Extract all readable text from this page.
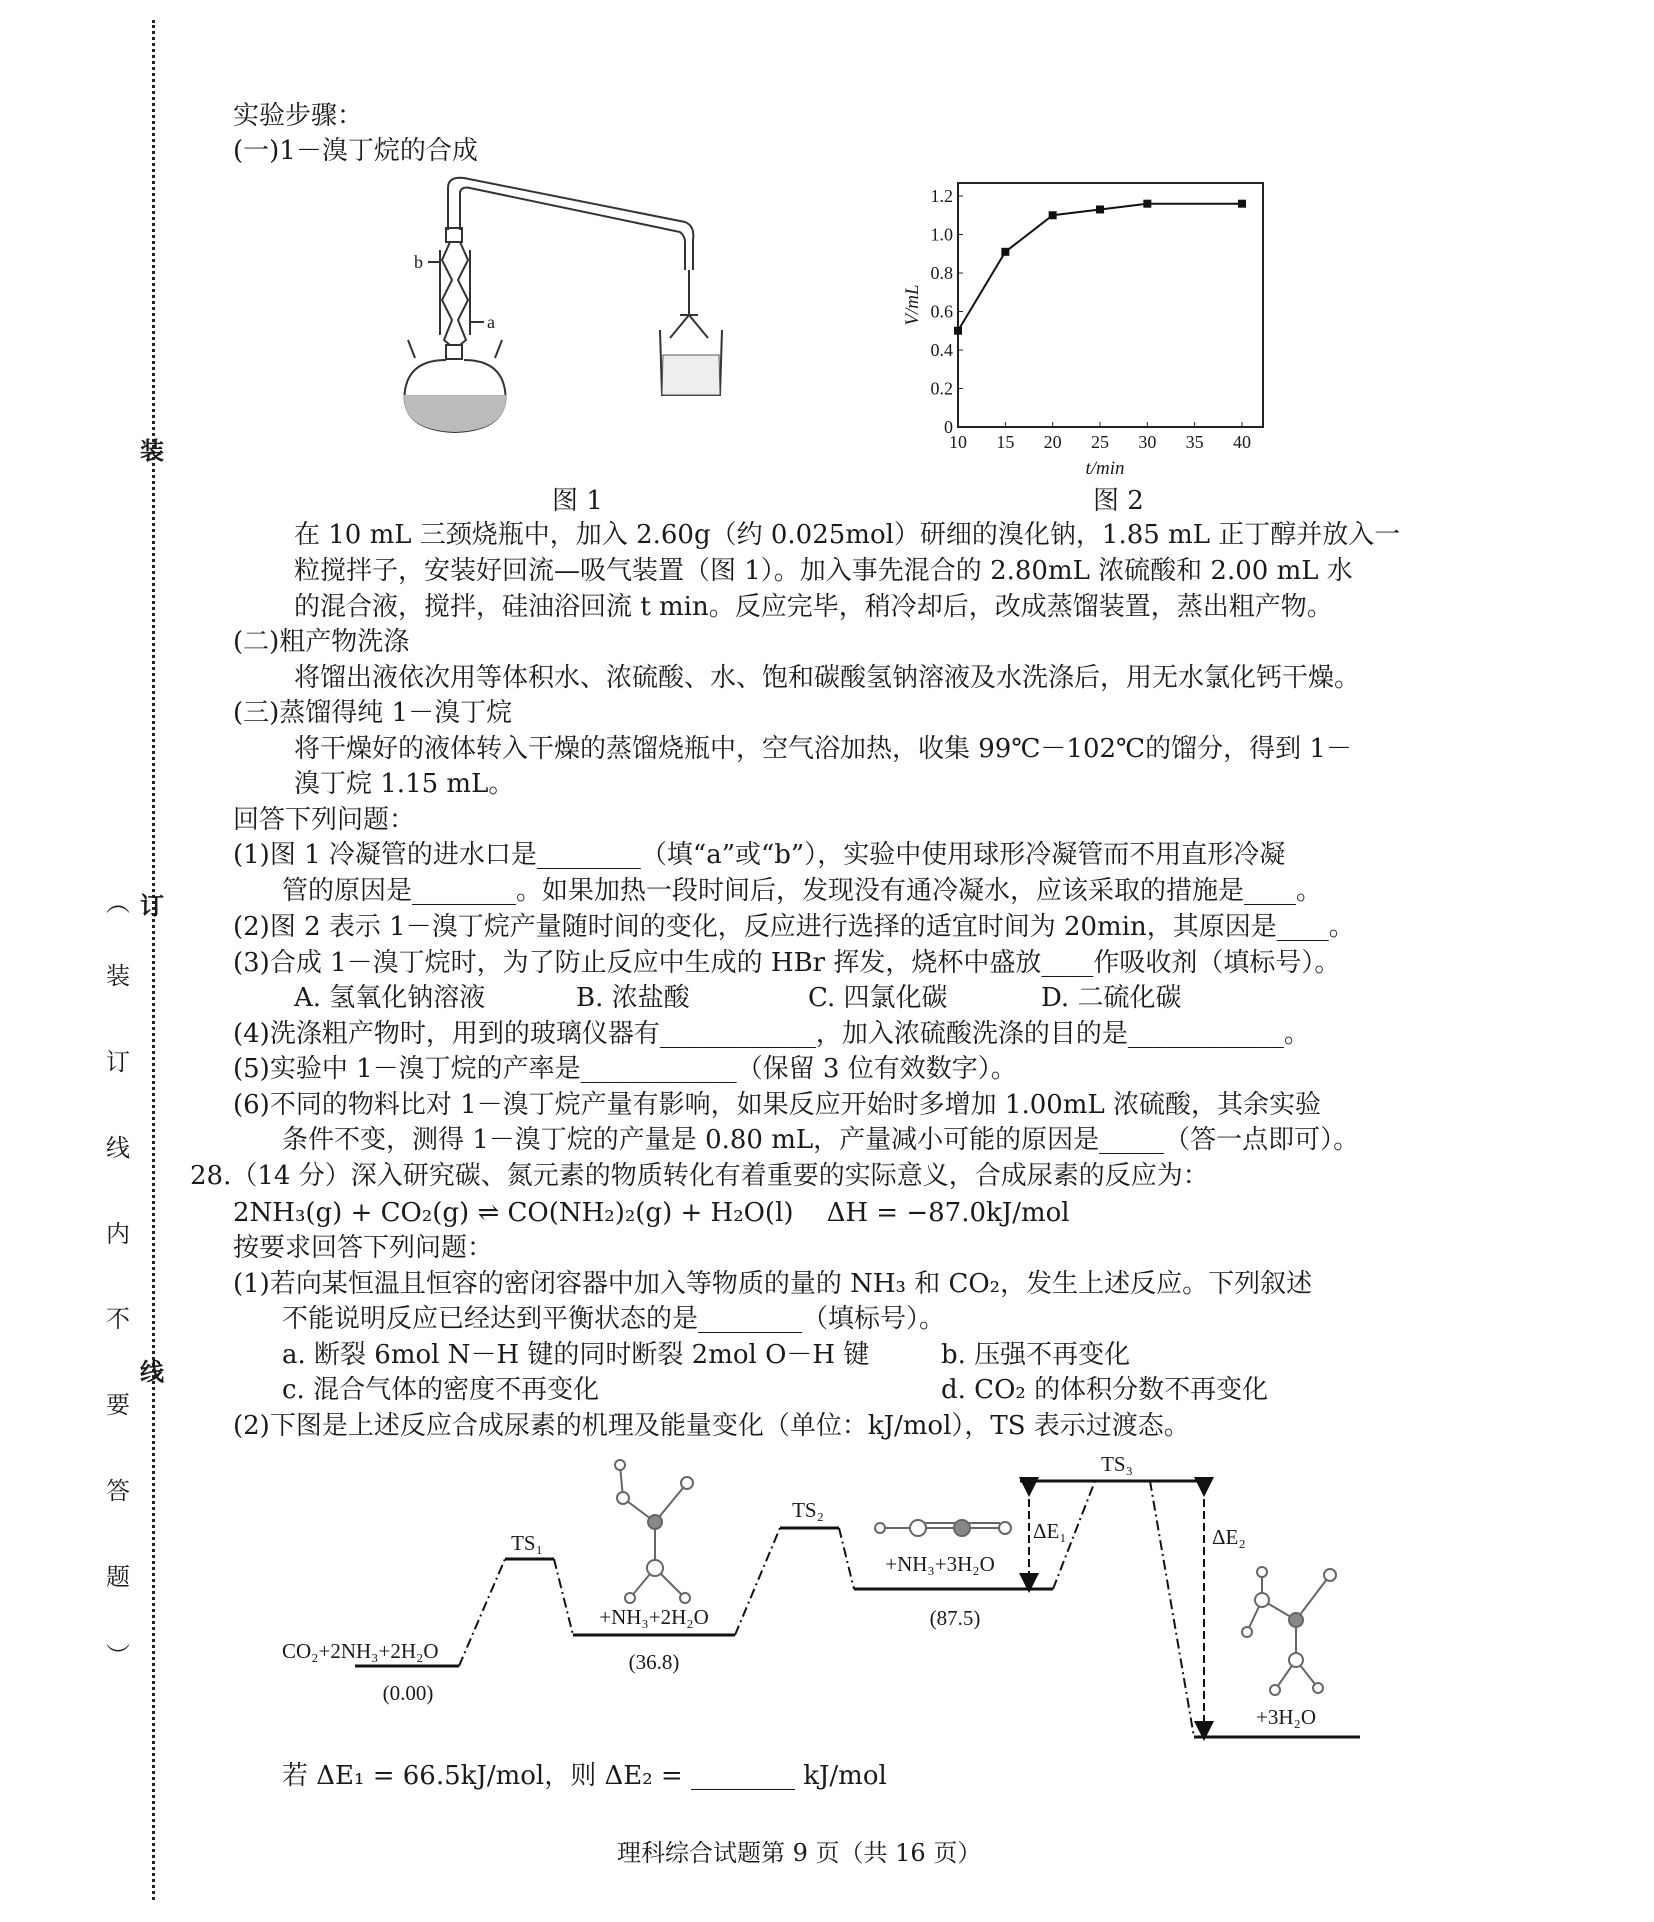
装
订
线
︵
装
订
线
内
不
要
答
题
︶
实验步骤：
(一)1－溴丁烷的合成
b
a
图 1
10 15 20 25 30 35 40
0
0.2
0.4
0.6
0.8
1.0
1.2
t/min
V/mL
图 2
在 10 mL 三颈烧瓶中，加入 2.60g（约 0.025mol）研细的溴化钠，1.85 mL 正丁醇并放入一
粒搅拌子，安装好回流—吸气装置（图 1）。加入事先混合的 2.80mL 浓硫酸和 2.00 mL 水
的混合液，搅拌，硅油浴回流 t min。反应完毕，稍冷却后，改成蒸馏装置，蒸出粗产物。
(二)粗产物洗涤
将馏出液依次用等体积水、浓硫酸、水、饱和碳酸氢钠溶液及水洗涤后，用无水氯化钙干燥。
(三)蒸馏得纯 1－溴丁烷
将干燥好的液体转入干燥的蒸馏烧瓶中，空气浴加热，收集 99℃－102℃的馏分，得到 1－
溴丁烷 1.15 mL。
回答下列问题：
(1)图 1 冷凝管的进水口是________（填“a”或“b”），实验中使用球形冷凝管而不用直形冷凝
管的原因是________。如果加热一段时间后，发现没有通冷凝水，应该采取的措施是____。
(2)图 2 表示 1－溴丁烷产量随时间的变化，反应进行选择的适宜时间为 20min，其原因是____。
(3)合成 1－溴丁烷时，为了防止反应中生成的 HBr 挥发，烧杯中盛放____作吸收剂（填标号）。
A. 氢氧化钠溶液	B. 浓盐酸	C. 四氯化碳	D. 二硫化碳
(4)洗涤粗产物时，用到的玻璃仪器有____________，加入浓硫酸洗涤的目的是____________。
(5)实验中 1－溴丁烷的产率是____________（保留 3 位有效数字）。
(6)不同的物料比对 1－溴丁烷产量有影响，如果反应开始时多增加 1.00mL 浓硫酸，其余实验
条件不变，测得 1－溴丁烷的产量是 0.80 mL，产量减小可能的原因是_____（答一点即可）。
28.（14 分）深入研究碳、氮元素的物质转化有着重要的实际意义，合成尿素的反应为：
2NH₃(g) + CO₂(g) ⇌ CO(NH₂)₂(g) + H₂O(l)    ΔH = −87.0kJ/mol
按要求回答下列问题：
(1)若向某恒温且恒容的密闭容器中加入等物质的量的 NH₃ 和 CO₂，发生上述反应。下列叙述
不能说明反应已经达到平衡状态的是________（填标号）。
a. 断裂 6mol N－H 键的同时断裂 2mol O－H 键	b. 压强不再变化
c. 混合气体的密度不再变化	d. CO₂ 的体积分数不再变化
(2)下图是上述反应合成尿素的机理及能量变化（单位：kJ/mol），TS 表示过渡态。
CO₂+2NH₃+2H₂O
(0.00)
TS₁
+NH₃+2H₂O
(36.8)
TS₂
+NH₃+3H₂O
(87.5)
TS₃
+3H₂O
ΔE₁	ΔE₂
若 ΔE₁ = 66.5kJ/mol，则 ΔE₂ = ________ kJ/mol
理科综合试题第 9 页（共 16 页）
